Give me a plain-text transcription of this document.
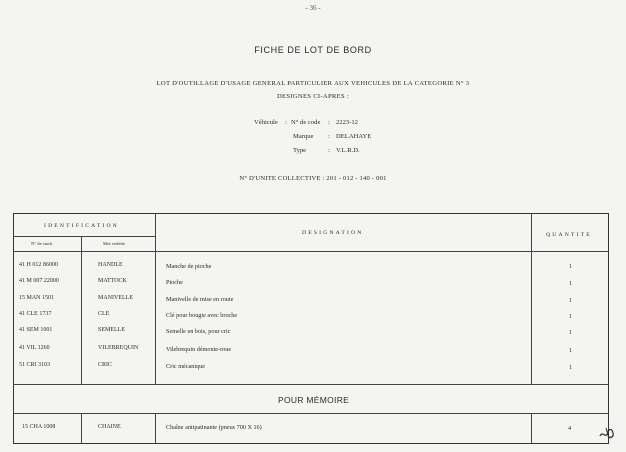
- 36 -
FICHE DE LOT DE BORD
LOT D'OUTILLAGE D'USAGE GENERAL PARTICULIER AUX VEHICULES DE LA CATEGORIE N° 3
DESIGNES CI-APRES :
Véhicule : N° de code : 2223-12
Marque : DELAHAYE
Type	: V.L.R.D.
N° D'UNITE COLLECTIVE : 201 - 012 - 140 - 001
IDENTIFICATION
N° de stock	Mot vedette
DESIGNATION	QUANTITE
41 H 012 86000	HANDLE	Manche de pioche	1
41 M 007 22000	MATTOCK	Pioche	1
15 MAN 1501	MANIVELLE	Manivelle de mise en route	1
41 CLE 1737	CLE	Clé pour bougie avec broche	1
41 SEM 1001	SEMELLE	Semelle en bois, pour cric	1
41 VIL 1260	VILEBREQUIN	Vilebrequin démonte-roue	1
51 CRI 3103	CRIC	Cric mécanique	1
POUR MÉMOIRE
15 CHA 1008	CHAINE	Chaîne antipatinante (pneus 700 X 16)	4
